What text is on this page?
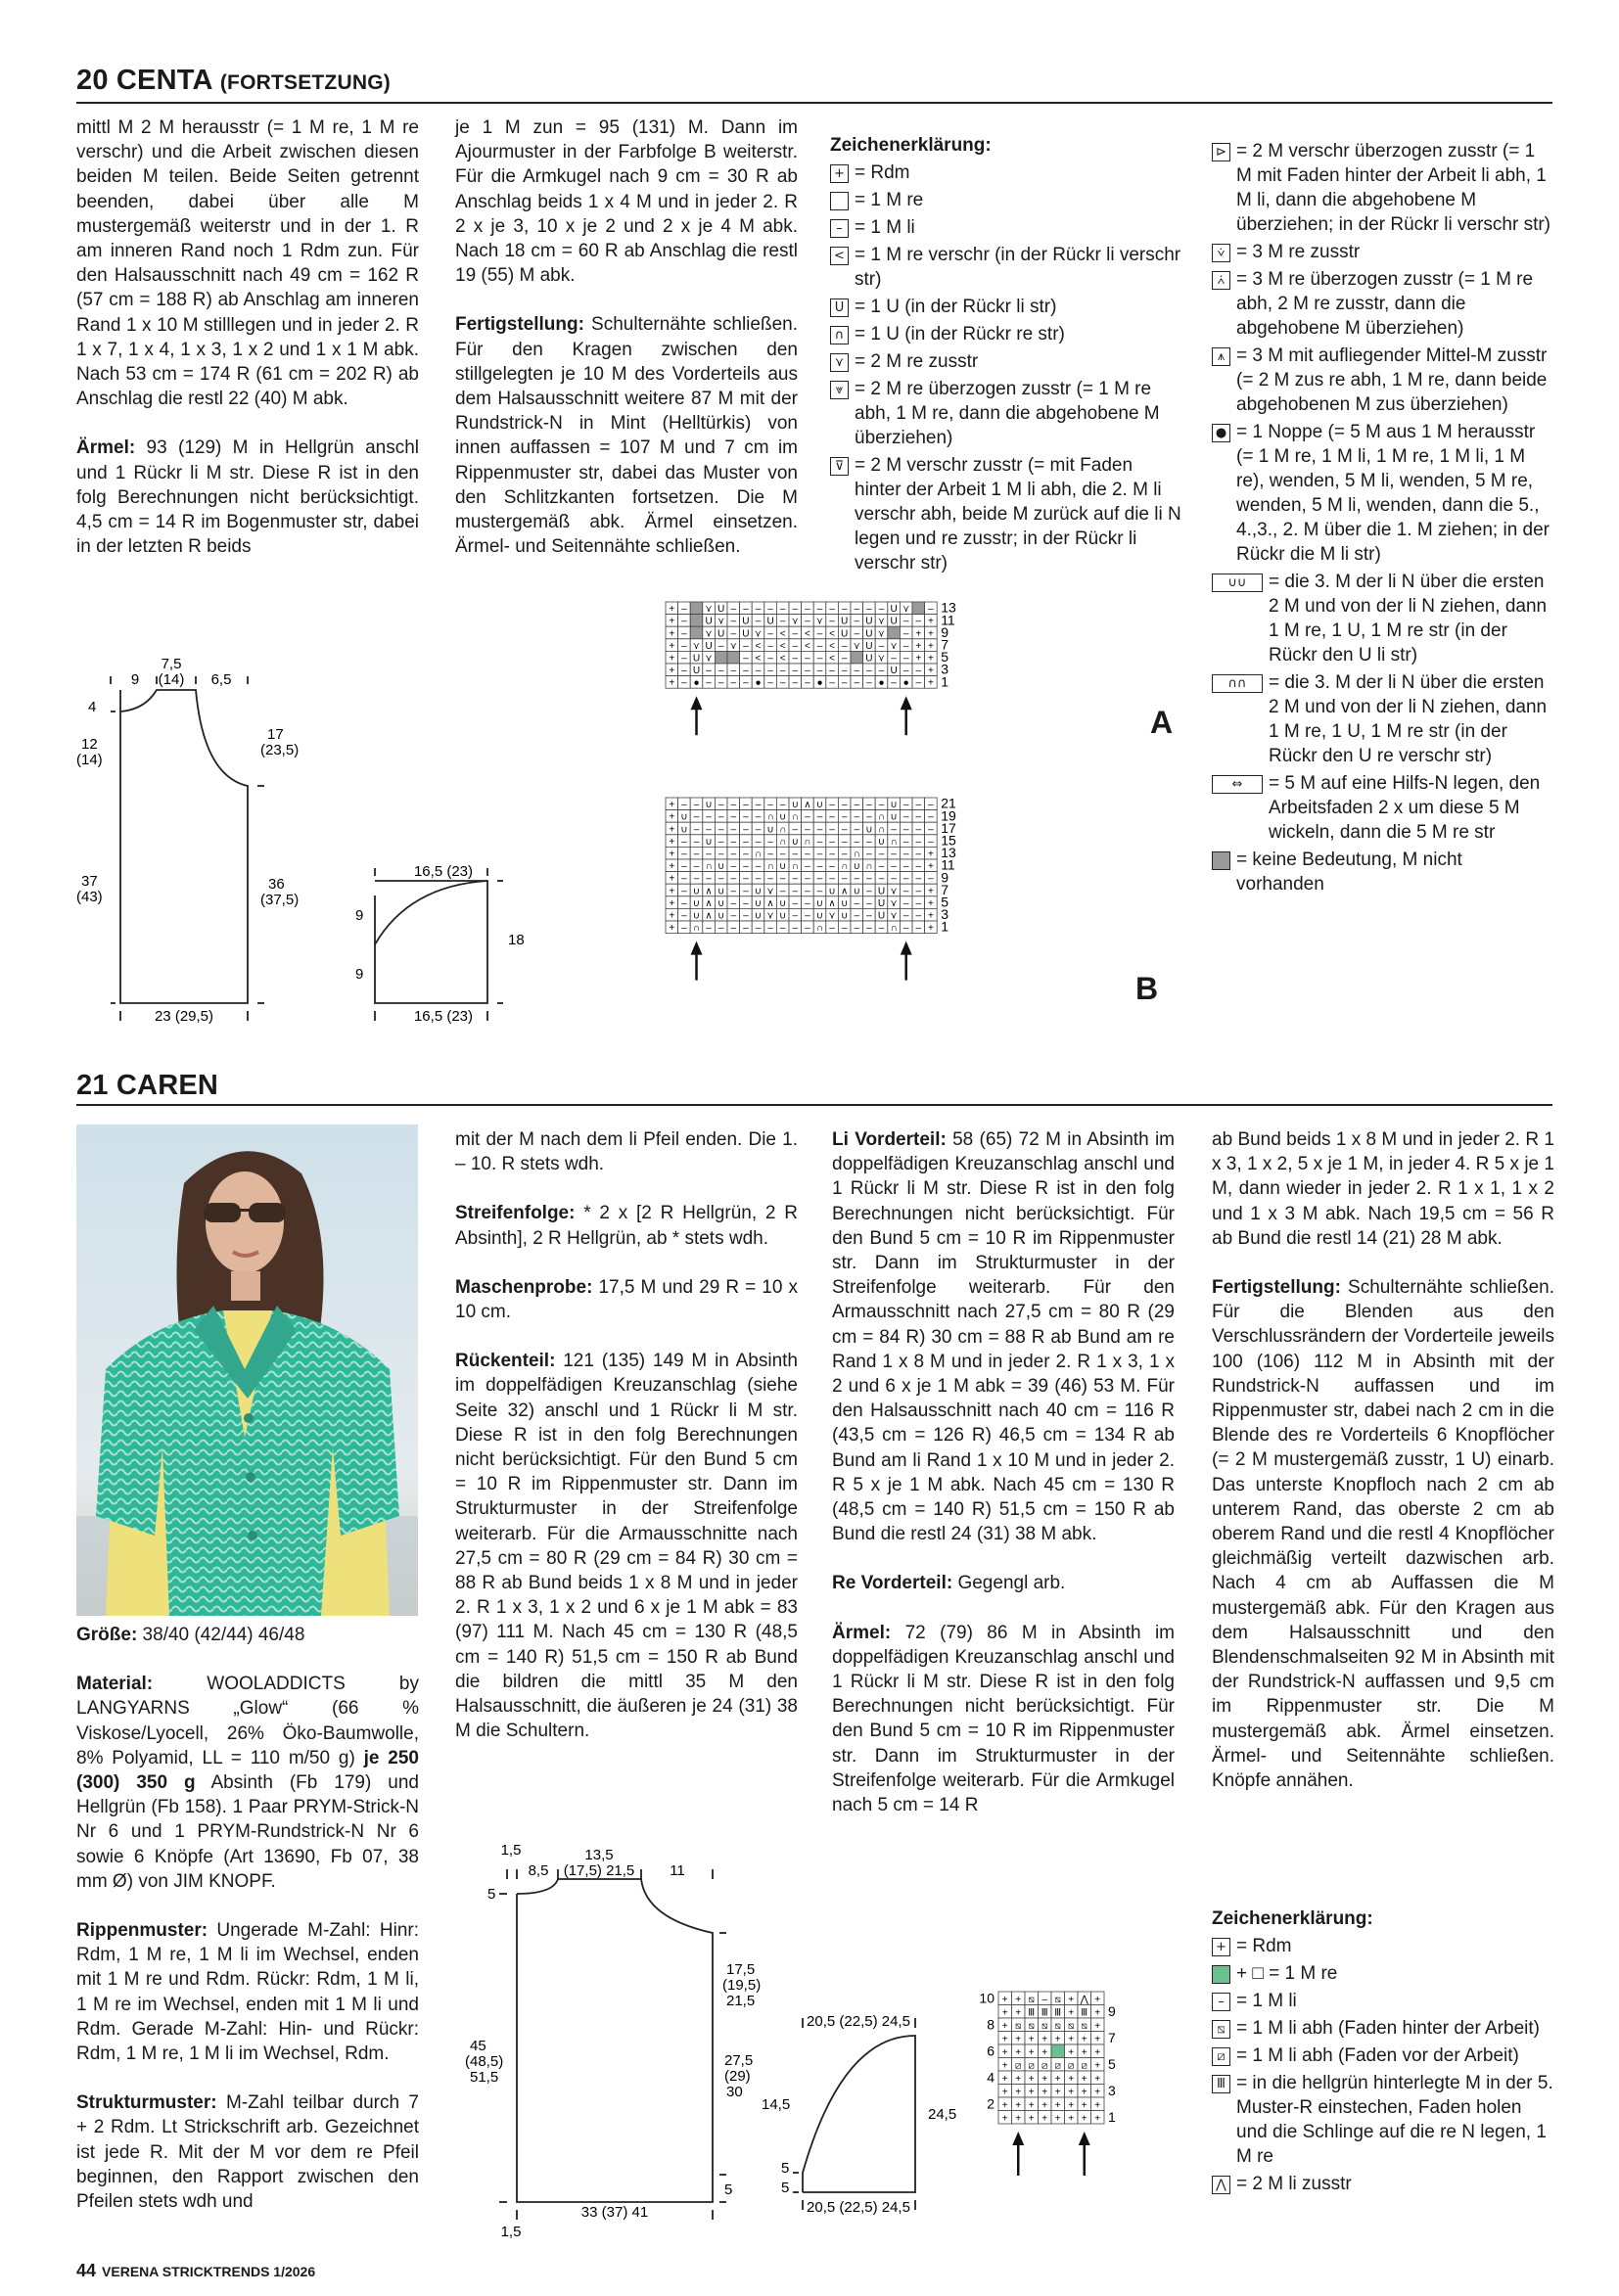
20 CENTA (FORTSETZUNG)

mittl M 2 M herausstr (= 1 M re, 1 M re verschr) und die Arbeit zwischen diesen beiden M teilen. Beide Seiten getrennt beenden, dabei über alle M mustergemäß weiterstr und in der 1. R am inneren Rand noch 1 Rdm zun. Für den Halsausschnitt nach 49 cm = 162 R (57 cm = 188 R) ab Anschlag am inneren Rand 1 x 10 M stilllegen und in jeder 2. R 1 x 7, 1 x 4, 1 x 3, 1 x 2 und 1 x 1 M abk. Nach 53 cm = 174 R (61 cm = 202 R) ab Anschlag die restl 22 (40) M abk.

Ärmel: 93 (129) M in Hellgrün anschl und 1 Rückr li M str. Diese R ist in den folg Berechnungen nicht berücksichtigt. 4,5 cm = 14 R im Bogenmuster str, dabei in der letzten R beids

je 1 M zun = 95 (131) M. Dann im Ajourmuster in der Farbfolge B weiterstr. Für die Armkugel nach 9 cm = 30 R ab Anschlag beids 1 x 4 M und in jeder 2. R 2 x je 3, 10 x je 2 und 2 x je 4 M abk. Nach 18 cm = 60 R ab Anschlag die restl 19 (55) M abk.

Fertigstellung: Schulternähte schließen. Für den Kragen zwischen den stillgelegten je 10 M des Vorderteils aus dem Halsausschnitt weitere 87 M mit der Rundstrick-N in Mint (Helltürkis) von innen auffassen = 107 M und 7 cm im Rippenmuster str, dabei das Muster von den Schlitzkanten fortsetzen. Die M mustergemäß abk. Ärmel einsetzen. Ärmel- und Seitennähte schließen.

Zeichenerklärung:
+ = Rdm
= 1 M re
– = 1 M li
< = 1 M re verschr (in der Rückr li verschr str)
U = 1 U (in der Rückr li str)
∩ = 1 U (in der Rückr re str)
⋎ = 2 M re zusstr
⩔ = 2 M re überzogen zusstr (= 1 M re abh, 1 M re, dann die abgehobene M überziehen)
⊽ = 2 M verschr zusstr (= mit Faden hinter der Arbeit 1 M li abh, die 2. M li verschr abh, beide M zurück auf die li N legen und re zusstr; in der Rückr li verschr str)
⊳ = 2 M verschr überzogen zusstr (= 1 M mit Faden hinter der Arbeit li abh, 1 M li, dann die abgehobene M überziehen; in der Rückr li verschr str)
⩒ = 3 M re zusstr
⩑ = 3 M re überzogen zusstr (= 1 M re abh, 2 M re zusstr, dann die abgehobene M überziehen)
⩚ = 3 M mit aufliegender Mittel-M zusstr (= 2 M zus re abh, 1 M re, dann beide abgehobenen M zus überziehen)
● = 1 Noppe (= 5 M aus 1 M herausstr (= 1 M re, 1 M li, 1 M re, 1 M li, 1 M re), wenden, 5 M li, wenden, 5 M re, wenden, 5 M li, wenden, dann die 5., 4.,3., 2. M über die 1. M ziehen; in der Rückr die M li str)
∪∪	= die 3. M der li N über die ersten 2 M und von der li N ziehen, dann 1 M re, 1 U, 1 M re str (in der Rückr den U li str)
∩∩	= die 3. M der li N über die ersten 2 M und von der li N ziehen, dann 1 M re, 1 U, 1 M re str (in der Rückr den U re verschr str)
⇔	= 5 M auf eine Hilfs-N legen, den Arbeitsfaden 2 x um diese 5 M wickeln, dann die 5 M re str
= keine Bedeutung, M nicht vorhanden
7,5
(14)
9	6,5
4
12
(14)
17
(23,5)
37
(43)
36
(37,5)
23 (29,5)
16,5 (23)
9
9
18
16,5 (23)
+ – ⋎ U – – – – – – – – – – – – – U ⋎ –
+ – U ⋎ – U – U – ⋎ – ⋎ – U – U ⋎ U – – +
+ – ⋎ U – U ⋎ – < – < – < U – U ⋎ – + +
+ – ⋎ U – ⋎ – < – < – < – < – ⋎ U – ⋎ – + +
+ – U ⋎	– < – < – – – < – U ⋎ – – + +
+ – U – – – – – – – – – – – – – – – U – – +
+ – ● – – – – ● – – – – ● – – – – ● – ● – +
13
11
9
7
5
3
1
A
+ – – ∪ – – – – – – ∪ ∧ ∪ – – – – – ∪ – – –
+ ∪ – – – – – – ∩ ∪ ∩ – – – – – – ∩ ∪ – – –
+ ∪ – – – – – – ∪ ∩ – – – – – – ∪ ∩ – – – –
+ – – ∪ – – – – – ∩ ∪ ∩ – – – – – ∪ ∩ – – –
+ – – – – – – ∩ – – – – – – – ∩ – – – – – +
+ – – ∩ ∪ – – – ∩ ∪ ∩ – – – ∩ ∪ ∩ – – – – +
+ – – – – – – – – – – – – – – – – – – – – –
+ – ∪ ∧ ∪ – – ∪ ⋎ – – – – ∪ ∧ ∪ – U ⋎ – – +
+ – ∪ ∧ ∪ – – ∪ ∧ ∪ – – ∪ ∧ ∪ – – U ⋎ – – +
+ – ∪ ∧ ∪ – – ∪ ⋎ ∪ – – ∪ ⋎ ∪ – – U ⋎ – – +
+ – ∩ – – – – – – – – – ∩ – – – – – ∩ – – +
21
19
17
15
13
11
9
7
5
3
1
B
21 CAREN

Größe: 38/40 (42/44) 46/48

Material: WOOLADDICTS by LANGYARNS „Glow“ (66 % Viskose/Lyocell, 26% Öko-Baumwolle, 8% Polyamid, LL = 110 m/50 g) je 250 (300) 350 g Absinth (Fb 179) und Hellgrün (Fb 158). 1 Paar PRYM-Strick-N Nr 6 und 1 PRYM-Rundstrick-N Nr 6 sowie 6 Knöpfe (Art 13690, Fb 07, 38 mm Ø) von JIM KNOPF.

Rippenmuster: Ungerade M-Zahl: Hinr: Rdm, 1 M re, 1 M li im Wechsel, enden mit 1 M re und Rdm. Rückr: Rdm, 1 M li, 1 M re im Wechsel, enden mit 1 M li und Rdm. Gerade M-Zahl: Hin- und Rückr: Rdm, 1 M re, 1 M li im Wechsel, Rdm.

Strukturmuster: M-Zahl teilbar durch 7 + 2 Rdm. Lt Strickschrift arb. Gezeichnet ist jede R. Mit der M vor dem re Pfeil beginnen, den Rapport zwischen den Pfeilen stets wdh und

mit der M nach dem li Pfeil enden. Die 1. – 10. R stets wdh.

Streifenfolge: * 2 x [2 R Hellgrün, 2 R Absinth], 2 R Hellgrün, ab * stets wdh.

Maschenprobe: 17,5 M und 29 R = 10 x 10 cm.

Rückenteil: 121 (135) 149 M in Absinth im doppelfädigen Kreuzanschlag (siehe Seite 32) anschl und 1 Rückr li M str. Diese R ist in den folg Berechnungen nicht berücksichtigt. Für den Bund 5 cm = 10 R im Rippenmuster str. Dann im Strukturmuster in der Streifenfolge weiterarb. Für die Armausschnitte nach 27,5 cm = 80 R (29 cm = 84 R) 30 cm = 88 R ab Bund beids 1 x 8 M und in jeder 2. R 1 x 3, 1 x 2 und 6 x je 1 M abk = 83 (97) 111 M. Nach 45 cm = 130 R (48,5 cm = 140 R) 51,5 cm = 150 R ab Bund die bildren die mittl 35 M den Halsausschnitt, die äußeren je 24 (31) 38 M die Schultern.

Li Vorderteil: 58 (65) 72 M in Absinth im doppelfädigen Kreuzanschlag anschl und 1 Rückr li M str. Diese R ist in den folg Berechnungen nicht berücksichtigt. Für den Bund 5 cm = 10 R im Rippenmuster str. Dann im Strukturmuster in der Streifenfolge weiterarb. Für den Armausschnitt nach 27,5 cm = 80 R (29 cm = 84 R) 30 cm = 88 R ab Bund am re Rand 1 x 8 M und in jeder 2. R 1 x 3, 1 x 2 und 6 x je 1 M abk = 39 (46) 53 M. Für den Halsausschnitt nach 40 cm = 116 R (43,5 cm = 126 R) 46,5 cm = 134 R ab Bund am li Rand 1 x 10 M und in jeder 2. R 5 x je 1 M abk. Nach 45 cm = 130 R (48,5 cm = 140 R) 51,5 cm = 150 R ab Bund die restl 24 (31) 38 M abk.

Re Vorderteil: Gegengl arb.

Ärmel: 72 (79) 86 M in Absinth im doppelfädigen Kreuzanschlag anschl und 1 Rückr li M str. Diese R ist in den folg Berechnungen nicht berücksichtigt. Für den Bund 5 cm = 10 R im Rippenmuster str. Dann im Strukturmuster in der Streifenfolge weiterarb. Für die Armkugel nach 5 cm = 14 R

ab Bund beids 1 x 8 M und in jeder 2. R 1 x 3, 1 x 2, 5 x je 1 M, in jeder 4. R 5 x je 1 M, dann wieder in jeder 2. R 1 x 1, 1 x 2 und 1 x 3 M abk. Nach 19,5 cm = 56 R ab Bund die restl 14 (21) 28 M abk.

Fertigstellung: Schulternähte schließen. Für die Blenden aus den Verschlussrändern der Vorderteile jeweils 100 (106) 112 M in Absinth mit der Rundstrick-N auffassen und im Rippenmuster str, dabei nach 2 cm in die Blende des re Vorderteils 6 Knopflöcher (= 2 M mustergemäß zusstr, 1 U) einarb. Das unterste Knopfloch nach 2 cm ab unterem Rand, das oberste 2 cm ab oberem Rand und die restl 4 Knopflöcher gleichmäßig verteilt dazwischen arb. Nach 4 cm ab Auffassen die M mustergemäß abk. Für den Kragen aus dem Halsausschnitt und den Blendenschmalseiten 92 M in Absinth mit der Rundstrick-N auffassen und 9,5 cm im Rippenmuster str. Die M mustergemäß abk. Ärmel einsetzen. Ärmel- und Seitennähte schließen. Knöpfe annähen.

Zeichenerklärung:
+ = Rdm
+ □ = 1 M re
– = 1 M li
⧅ = 1 M li abh (Faden hinter der Arbeit)
⧄ = 1 M li abh (Faden vor der Arbeit)
Ⅲ = in die hellgrün hinterlegte M in der 5. Muster-R einstechen, Faden holen und die Schlinge auf die re N legen, 1 M re
⋀ = 2 M li zusstr
1,5	13,5
8,5 (17,5) 21,5 11
5
17,5
(19,5)
21,5
45
(48,5)
51,5
27,5
(29)
30
5
33 (37) 41
1,5
20,5 (22,5) 24,5
14,5
24,5
5
5
20,5 (22,5) 24,5
+ + ⧅ – ⧅ + ⋀ +
+ + Ⅲ Ⅲ Ⅲ + Ⅲ +
+ ⧅ ⧅ ⧅ ⧅ ⧅ ⧅ +
+ + + + + + + +
+ + + + + + +
+ ⧄ ⧄ ⧄ ⧄ ⧄ ⧄ +
+ + + + + + + +
+ + + + + + + +
+ + + + + + + +
+ + + + + + + +
10
8
6
4
2
9
7
5
3
1
44 VERENA STRICKTRENDS 1/2026
